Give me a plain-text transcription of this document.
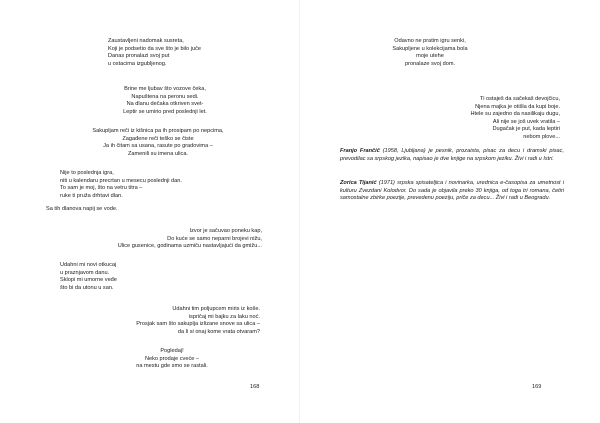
Zaustavljeni nadomak susreta,
Koji je podsetio da sve što je bilo juče
Danas pronalazi svoj put
u ostacima izgubljenog.
Brine me ljubav što vozove čeka,
Napuštena na peronu sedi.
Na dlanu dečaka otkriven svet-
Leptir se umirio pred poslednji let.
Sakupljam reči iz kišnica pa ih prosipam po nepcima,
Zagađene reči teško se čiste
Ja ih čitam sa usana, rasute po gradovima –
Zamenili su imena ulica.
Nije to poslednja igra,
niti u kalendaru precrtan u mesecu poslednji dan.
To sam je moj, što na vetru titra –
ruke ti pruža drhtavi dlan.
Sa tih dlanova napij se vode.
Izvor je sačuvao poneku kap,
Do kuće se samo neparni brojevi nižu,
Ulice gusenice, godinama uzmiču nastavljajući da gmižu...
Udahni mi novi otkucaj
u praznjavom danu.
Sklopi mi umorne veđe
što bi da utonu u san.
Udahni tim poljupcem miris iz koše.
ispričaj mi bajku za laku noć.
Prosjak sam što sakuplja izlizane snove sa ulica –
da li si onaj kome vrata otvaram?
Pogledaj!
Neko prodaje cveće –
na mestu gde smo se rastali.
168
Odavno ne pratim igru senki,
Sakupljene u kolekcijama bola
moje utehe
pronalaze svoj dom.
Ti ostaješ da sačekaš devojčicu,
Njena majka je otišla da kupi boje.
Htele su zajedno da nasilikaju dugu,
Ali nije se još uvek vratila –
Dugačak je put, kada leptiri
nebom plove...
Franjo Frančič (1958, Ljubljana) je pesnik, prozaista, pisac za decu i dramski pisac, prevodilac sa srpskog jezika, napisao je dve knjige na srpskom jeziku. Živi i radi u Istri.
Zorica Tijanić (1971) srpska spisateljica i novinarka, urednica e-časopisa za umetnost i kulturu Zvezdani Kolodvor. Do sada je objavila preko 30 knjiga, od toga tri romana, četiri samostalne zbirke poezije, prevedenu poeziju, priče za decu... Živi i radi u Beogradu.
169
